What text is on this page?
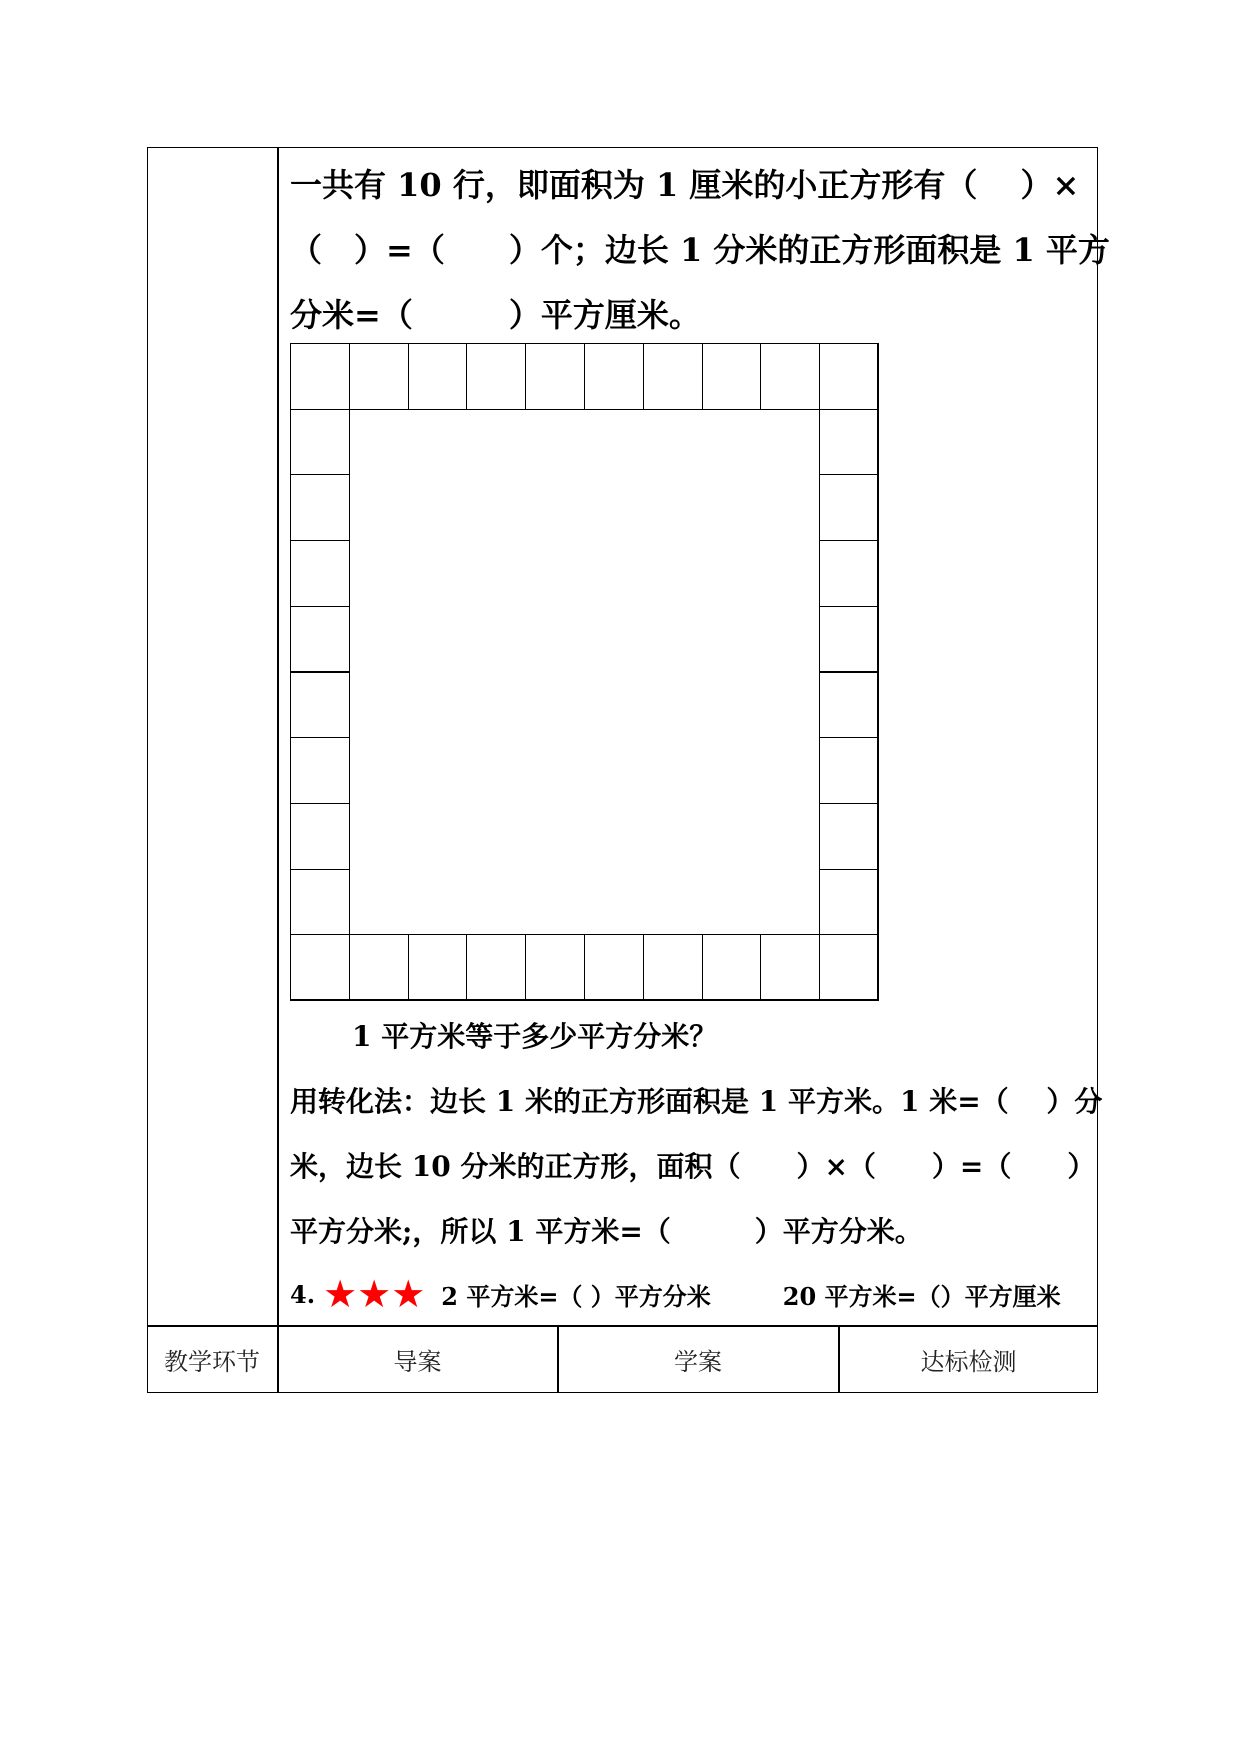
一共有 10 行，即面积为 1 厘米的小正方形有（　 ）×
（　）=（　　）个；边长 1 分米的正方形面积是 1 平方
分米=（　　　）平方厘米。
1 平方米等于多少平方分米？
用转化法：边长 1 米的正方形面积是 1 平方米。1 米=（　 ）分
米，边长 10 分米的正方形，面积（　　）×（　　）=（　　）
平方分米;，所以 1 平方米=（　　　）平方分米。
4. ★★★ 2 平方米=（ ）平方分米	20 平方米=（）平方厘米
教学环节	导案	学案	达标检测
